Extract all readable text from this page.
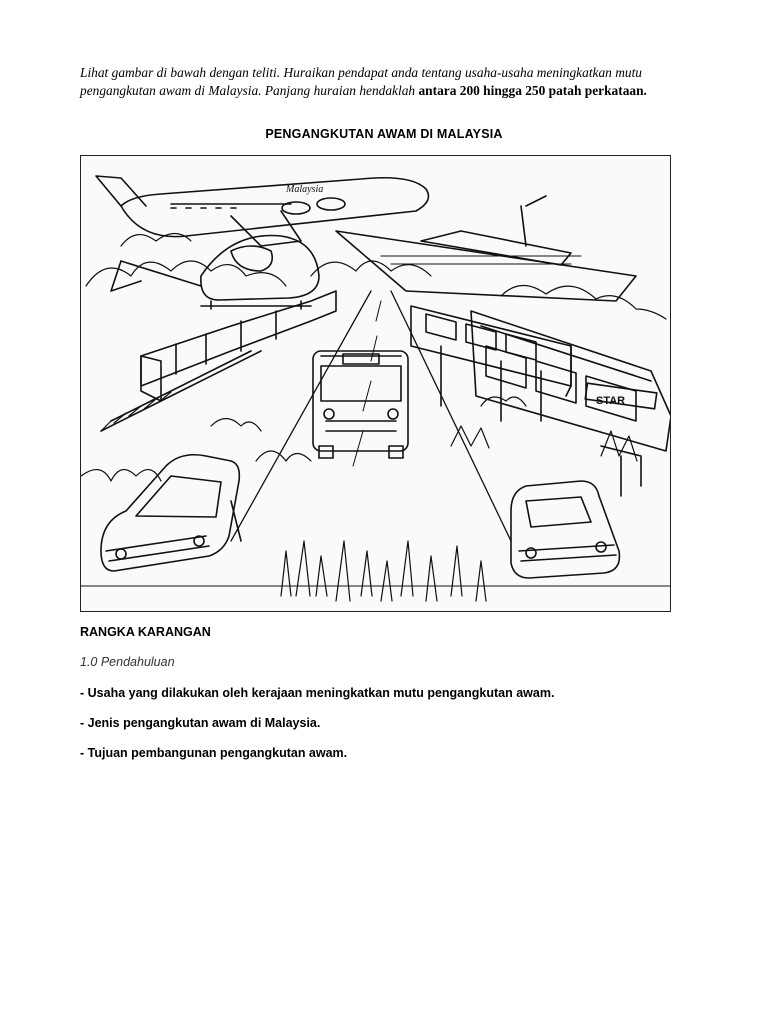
Lihat gambar di bawah dengan teliti. Huraikan pendapat anda tentang usaha-usaha meningkatkan mutu pengangkutan awam di Malaysia. Panjang huraian hendaklah antara 200 hingga 250 patah perkataan.

PENGANGKUTAN AWAM DI MALAYSIA
Malaysia
STAR
RANGKA KARANGAN
1.0 Pendahuluan
- Usaha yang dilakukan oleh kerajaan meningkatkan mutu pengangkutan awam.
- Jenis pengangkutan awam di Malaysia.
- Tujuan pembangunan pengangkutan awam.
